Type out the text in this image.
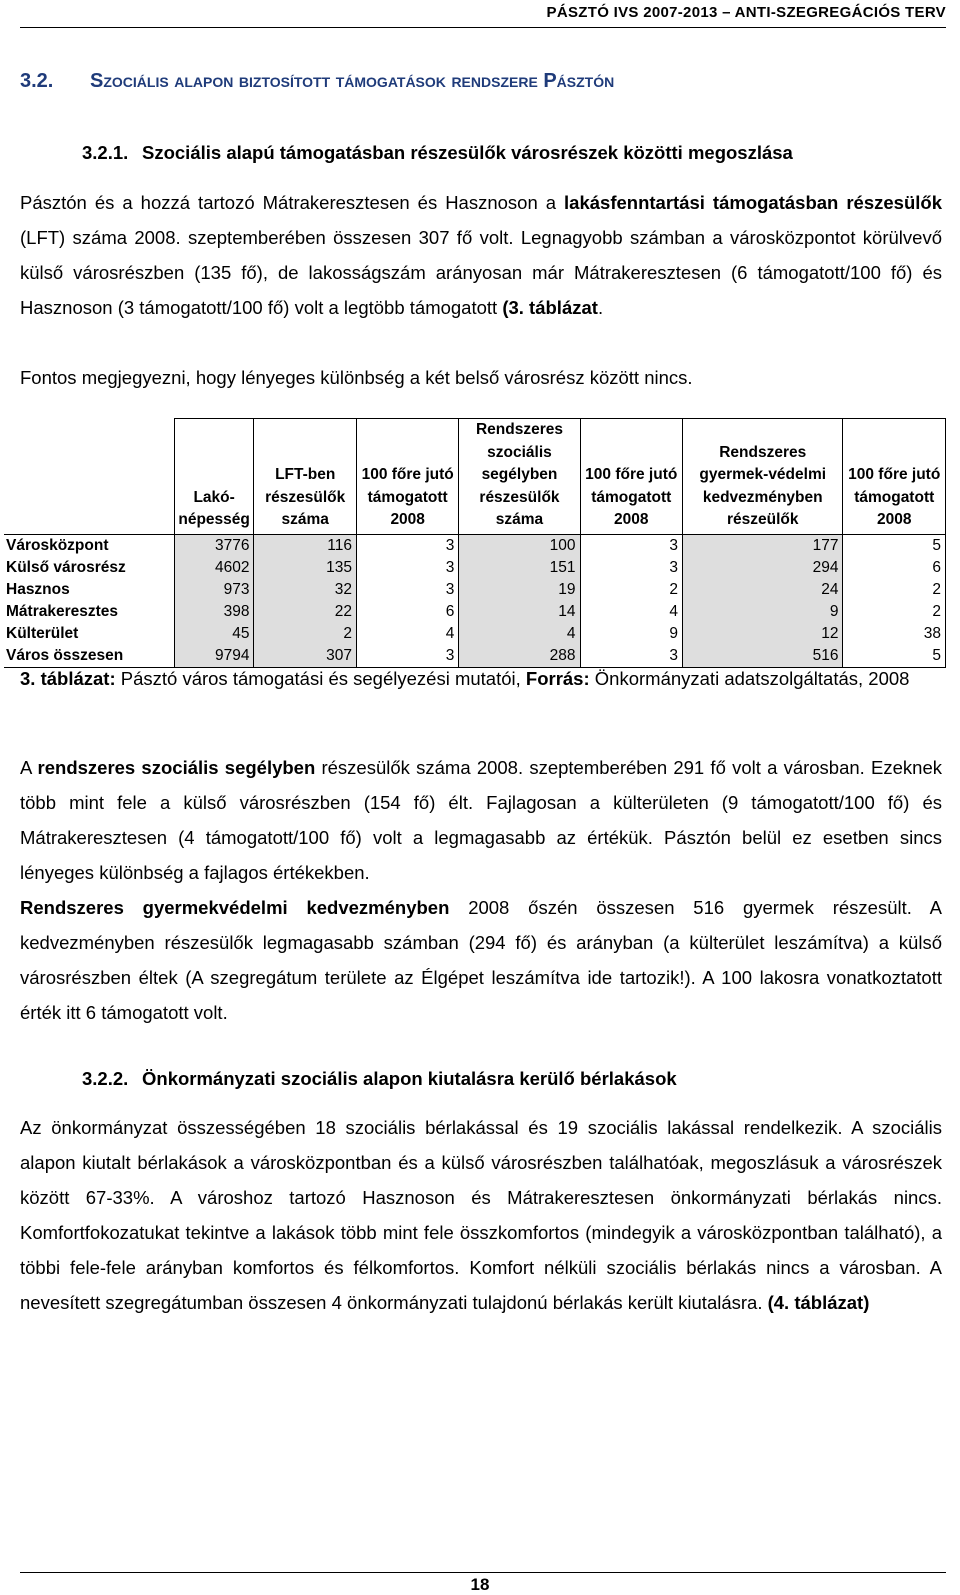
PÁSZTÓ IVS 2007-2013 – ANTI-SZEGREGÁCIÓS TERV
3.2. Szociális alapon biztosított támogatások rendszere Pásztón
3.2.1. Szociális alapú támogatásban részesülők városrészek közötti megoszlása

Pásztón és a hozzá tartozó Mátrakeresztesen és Hasznoson a lakásfenntartási támogatásban részesülők (LFT) száma 2008. szeptemberében összesen 307 fő volt. Legnagyobb számban a városközpontot körülvevő külső városrészben (135 fő), de lakosságszám arányosan már Mátrakeresztesen (6 támogatott/100 fő) és Hasznoson (3 támogatott/100 fő) volt a legtöbb támogatott (3. táblázat.

Fontos megjegyezni, hogy lényeges különbség a két belső városrész között nincs.

	Lakó-népesség	LFT-ben részesülők száma	100 főre jutó támogatott 2008	Rendszeres szociális segélyben részesülők száma	100 főre jutó támogatott 2008	Rendszeres gyermek-védelmi kedvezményben részeülők	100 főre jutó támogatott 2008
Városközpont	3776	116	3	100	3	177	5
Külső városrész	4602	135	3	151	3	294	6
Hasznos	973	32	3	19	2	24	2
Mátrakeresztes	398	22	6	14	4	9	2
Külterület	45	2	4	4	9	12	38
Város összesen	9794	307	3	288	3	516	5
3. táblázat: Pásztó város támogatási és segélyezési mutatói, Forrás: Önkormányzati adatszolgáltatás, 2008

A rendszeres szociális segélyben részesülők száma 2008. szeptemberében 291 fő volt a városban. Ezeknek több mint fele a külső városrészben (154 fő) élt. Fajlagosan a külterületen (9 támogatott/100 fő) és Mátrakeresztesen (4 támogatott/100 fő) volt a legmagasabb az értékük. Pásztón belül ez esetben sincs lényeges különbség a fajlagos értékekben.

Rendszeres gyermekvédelmi kedvezményben 2008 őszén összesen 516 gyermek részesült. A kedvezményben részesülők legmagasabb számban (294 fő) és arányban (a külterület leszámítva) a külső városrészben éltek (A szegregátum területe az Élgépet leszámítva ide tartozik!). A 100 lakosra vonatkoztatott érték itt 6 támogatott volt.

3.2.2. Önkormányzati szociális alapon kiutalásra kerülő bérlakások

Az önkormányzat összességében 18 szociális bérlakással és 19 szociális lakással rendelkezik. A szociális alapon kiutalt bérlakások a városközpontban és a külső városrészben találhatóak, megoszlásuk a városrészek között 67-33%. A városhoz tartozó Hasznoson és Mátrakeresztesen önkormányzati bérlakás nincs. Komfortfokozatukat tekintve a lakások több mint fele összkomfortos (mindegyik a városközpontban található), a többi fele-fele arányban komfortos és félkomfortos. Komfort nélküli szociális bérlakás nincs a városban. A nevesített szegregátumban összesen 4 önkormányzati tulajdonú bérlakás került kiutalásra. (4. táblázat)

18
